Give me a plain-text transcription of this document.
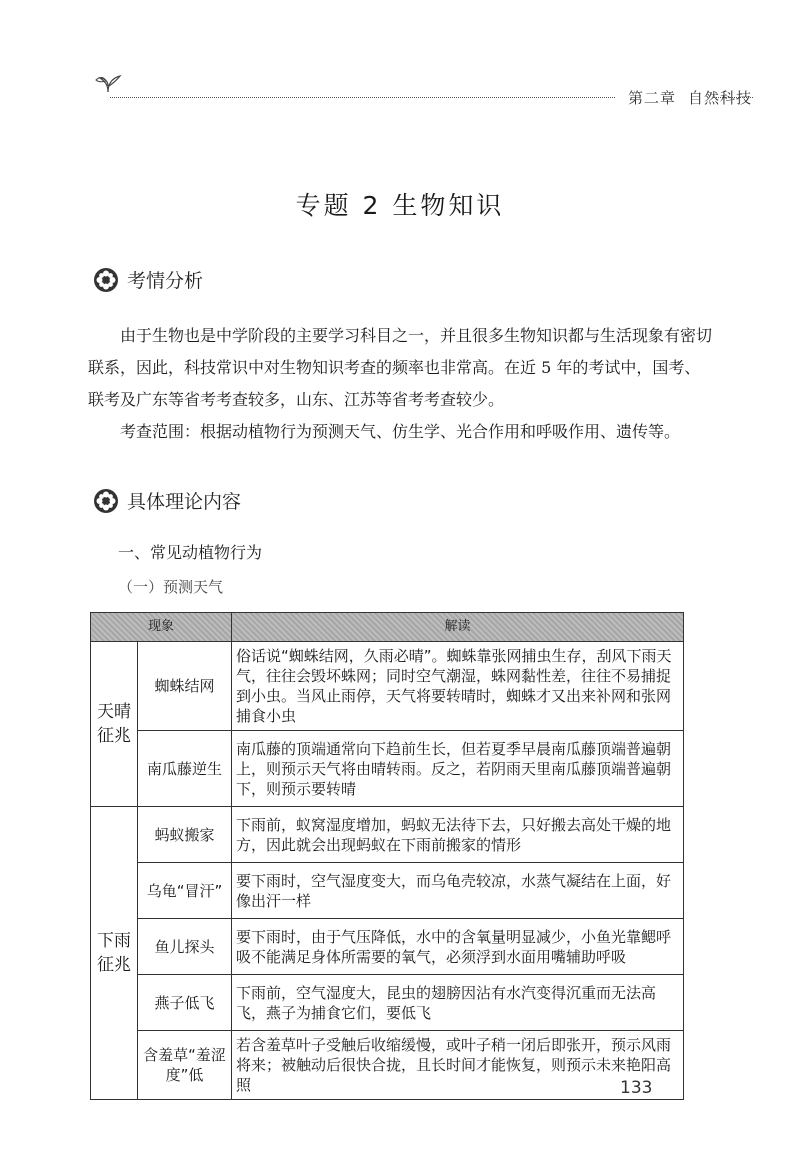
第二章 自然科技
专题 2 生物知识
考情分析
由于生物也是中学阶段的主要学习科目之一，并且很多生物知识都与生活现象有密切联系，因此，科技常识中对生物知识考查的频率也非常高。在近 5 年的考试中，国考、联考及广东等省考考查较多，山东、江苏等省考考查较少。
考查范围：根据动植物行为预测天气、仿生学、光合作用和呼吸作用、遗传等。
具体理论内容
一、常见动植物行为
（一）预测天气
现象		解读
天晴征兆	蜘蛛结网	俗话说“蜘蛛结网，久雨必晴”。蜘蛛靠张网捕虫生存，刮风下雨天气，往往会毁坏蛛网；同时空气潮湿，蛛网黏性差，往往不易捕捉到小虫。当风止雨停，天气将要转晴时，蜘蛛才又出来补网和张网捕食小虫
	南瓜藤逆生	南瓜藤的顶端通常向下趋前生长，但若夏季早晨南瓜藤顶端普遍朝上，则预示天气将由晴转雨。反之，若阴雨天里南瓜藤顶端普遍朝下，则预示要转晴
下雨征兆	蚂蚁搬家	下雨前，蚁窝湿度增加，蚂蚁无法待下去，只好搬去高处干燥的地方，因此就会出现蚂蚁在下雨前搬家的情形
	乌龟“冒汗”	要下雨时，空气湿度变大，而乌龟壳较凉，水蒸气凝结在上面，好像出汗一样
	鱼儿探头	要下雨时，由于气压降低，水中的含氧量明显减少，小鱼光靠鳃呼吸不能满足身体所需要的氧气，必须浮到水面用嘴辅助呼吸
	燕子低飞	下雨前，空气湿度大，昆虫的翅膀因沾有水汽变得沉重而无法高飞，燕子为捕食它们，要低飞
	含羞草“羞涩度”低	若含羞草叶子受触后收缩缓慢，或叶子稍一闭后即张开，预示风雨将来；被触动后很快合拢，且长时间才能恢复，则预示未来艳阳高照	133
